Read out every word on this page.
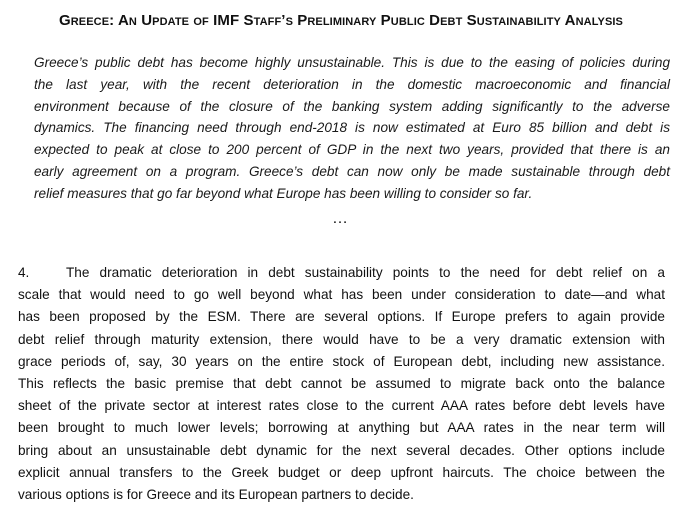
Greece: An Update of IMF Staff’s Preliminary Public Debt Sustainability Analysis
Greece’s public debt has become highly unsustainable. This is due to the easing of policies during
the last year, with the recent deterioration in the domestic macroeconomic and financial
environment because of the closure of the banking system adding significantly to the adverse
dynamics. The financing need through end-2018 is now estimated at Euro 85 billion and debt is
expected to peak at close to 200 percent of GDP in the next two years, provided that there is an
early agreement on a program. Greece’s debt can now only be made sustainable through debt
relief measures that go far beyond what Europe has been willing to consider so far.
…
4.	The dramatic deterioration in debt sustainability points to the need for debt relief on a
scale that would need to go well beyond what has been under consideration to date—and what
has been proposed by the ESM. There are several options. If Europe prefers to again provide
debt relief through maturity extension, there would have to be a very dramatic extension with
grace periods of, say, 30 years on the entire stock of European debt, including new assistance.
This reflects the basic premise that debt cannot be assumed to migrate back onto the balance
sheet of the private sector at interest rates close to the current AAA rates before debt levels have
been brought to much lower levels; borrowing at anything but AAA rates in the near term will
bring about an unsustainable debt dynamic for the next several decades. Other options include
explicit annual transfers to the Greek budget or deep upfront haircuts. The choice between the
various options is for Greece and its European partners to decide.
